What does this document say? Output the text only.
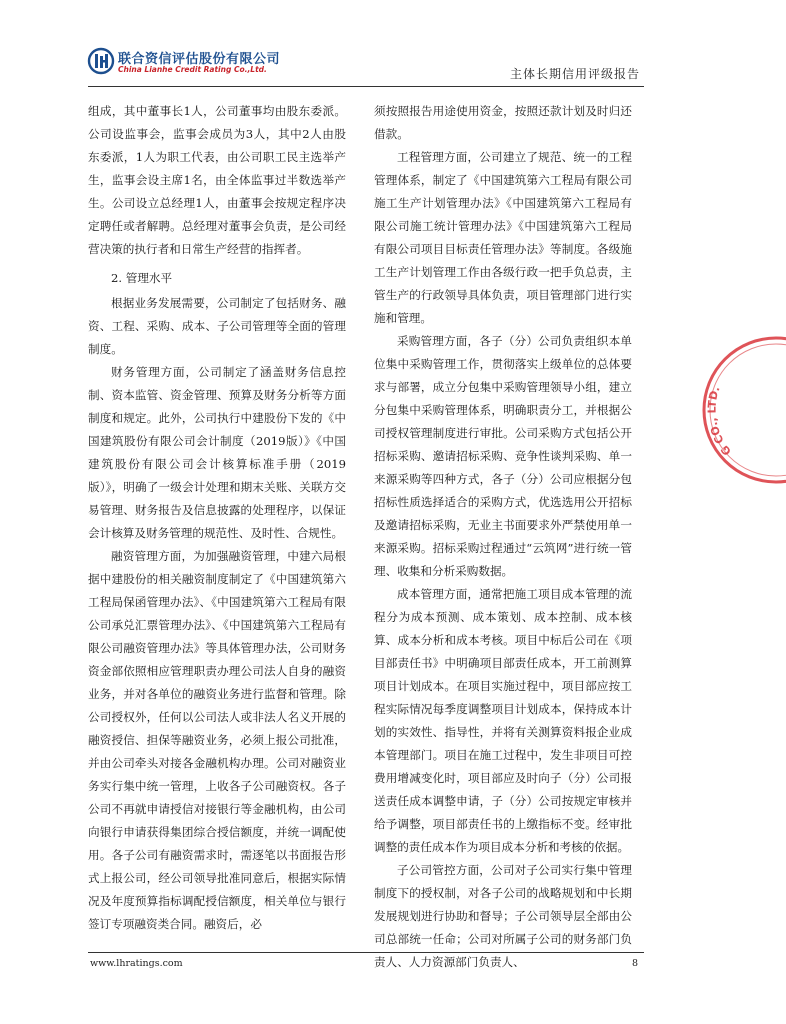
联合资信评估股份有限公司
China Lianhe Credit Rating Co.,Ltd.	主体长期信用评级报告

组成，其中董事长1人，公司董事均由股东委派。公司设监事会，监事会成员为3人，其中2人由股东委派，1人为职工代表，由公司职工民主选举产生，监事会设主席1名，由全体监事过半数选举产生。公司设立总经理1人，由董事会按规定程序决定聘任或者解聘。总经理对董事会负责，是公司经营决策的执行者和日常生产经营的指挥者。

2. 管理水平

根据业务发展需要，公司制定了包括财务、融资、工程、采购、成本、子公司管理等全面的管理制度。

财务管理方面，公司制定了涵盖财务信息控制、资本监管、资金管理、预算及财务分析等方面制度和规定。此外，公司执行中建股份下发的《中国建筑股份有限公司会计制度（2019版）》《中国建筑股份有限公司会计核算标准手册（2019版）》，明确了一级会计处理和期末关账、关联方交易管理、财务报告及信息披露的处理程序，以保证会计核算及财务管理的规范性、及时性、合规性。

融资管理方面，为加强融资管理，中建六局根据中建股份的相关融资制度制定了《中国建筑第六工程局保函管理办法》、《中国建筑第六工程局有限公司承兑汇票管理办法》、《中国建筑第六工程局有限公司融资管理办法》等具体管理办法，公司财务资金部依照相应管理职责办理公司法人自身的融资业务，并对各单位的融资业务进行监督和管理。除公司授权外，任何以公司法人或非法人名义开展的融资授信、担保等融资业务，必须上报公司批准，并由公司牵头对接各金融机构办理。公司对融资业务实行集中统一管理，上收各子公司融资权。各子公司不再就申请授信对接银行等金融机构，由公司向银行申请获得集团综合授信额度，并统一调配使用。各子公司有融资需求时，需逐笔以书面报告形式上报公司，经公司领导批准同意后，根据实际情况及年度预算指标调配授信额度，相关单位与银行签订专项融资类合同。融资后，必

须按照报告用途使用资金，按照还款计划及时归还借款。

工程管理方面，公司建立了规范、统一的工程管理体系，制定了《中国建筑第六工程局有限公司施工生产计划管理办法》《中国建筑第六工程局有限公司施工统计管理办法》《中国建筑第六工程局有限公司项目目标责任管理办法》等制度。各级施工生产计划管理工作由各级行政一把手负总责，主管生产的行政领导具体负责，项目管理部门进行实施和管理。

采购管理方面，各子（分）公司负责组织本单位集中采购管理工作，贯彻落实上级单位的总体要求与部署，成立分包集中采购管理领导小组，建立分包集中采购管理体系，明确职责分工，并根据公司授权管理制度进行审批。公司采购方式包括公开招标采购、邀请招标采购、竞争性谈判采购、单一来源采购等四种方式，各子（分）公司应根据分包招标性质选择适合的采购方式，优选选用公开招标及邀请招标采购，无业主书面要求外严禁使用单一来源采购。招标采购过程通过“云筑网”进行统一管理、收集和分析采购数据。

成本管理方面，通常把施工项目成本管理的流程分为成本预测、成本策划、成本控制、成本核算、成本分析和成本考核。项目中标后公司在《项目部责任书》中明确项目部责任成本，开工前测算项目计划成本。在项目实施过程中，项目部应按工程实际情况每季度调整项目计划成本，保持成本计划的实效性、指导性，并将有关测算资料报企业成本管理部门。项目在施工过程中，发生非项目可控费用增减变化时，项目部应及时向子（分）公司报送责任成本调整申请，子（分）公司按规定审核并给予调整，项目部责任书的上缴指标不变。经审批调整的责任成本作为项目成本分析和考核的依据。

子公司管控方面，公司对子公司实行集中管理制度下的授权制，对各子公司的战略规划和中长期发展规划进行协助和督导；子公司领导层全部由公司总部统一任命；公司对所属子公司的财务部门负责人、人力资源部门负责人、

G CO., LTD.
www.lhratings.com	8
